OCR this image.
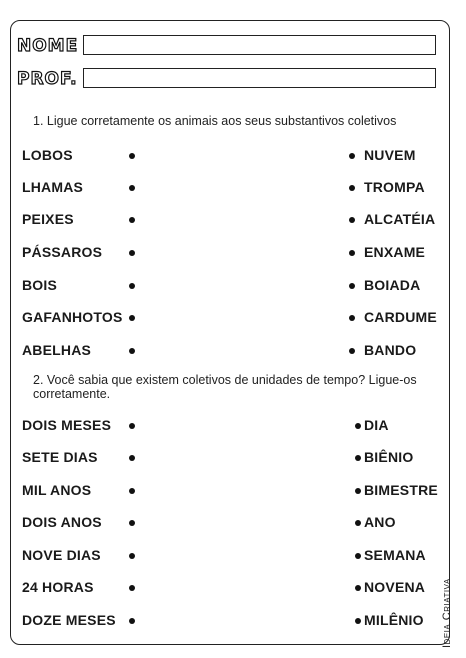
NOME
PROF.
1. Ligue corretamente os animais aos seus substantivos coletivos
LOBOS
LHAMAS
PEIXES
PÁSSAROS
BOIS
GAFANHOTOS
ABELHAS
NUVEM
TROMPA
ALCATÉIA
ENXAME
BOIADA
CARDUME
BANDO
2. Você sabia que existem coletivos de unidades de tempo? Ligue-os corretamente.
DOIS MESES
SETE DIAS
MIL ANOS
DOIS ANOS
NOVE DIAS
24 HORAS
DOZE MESES
DIA
BIÊNIO
BIMESTRE
ANO
SEMANA
NOVENA
MILÊNIO Ideia Criativa
